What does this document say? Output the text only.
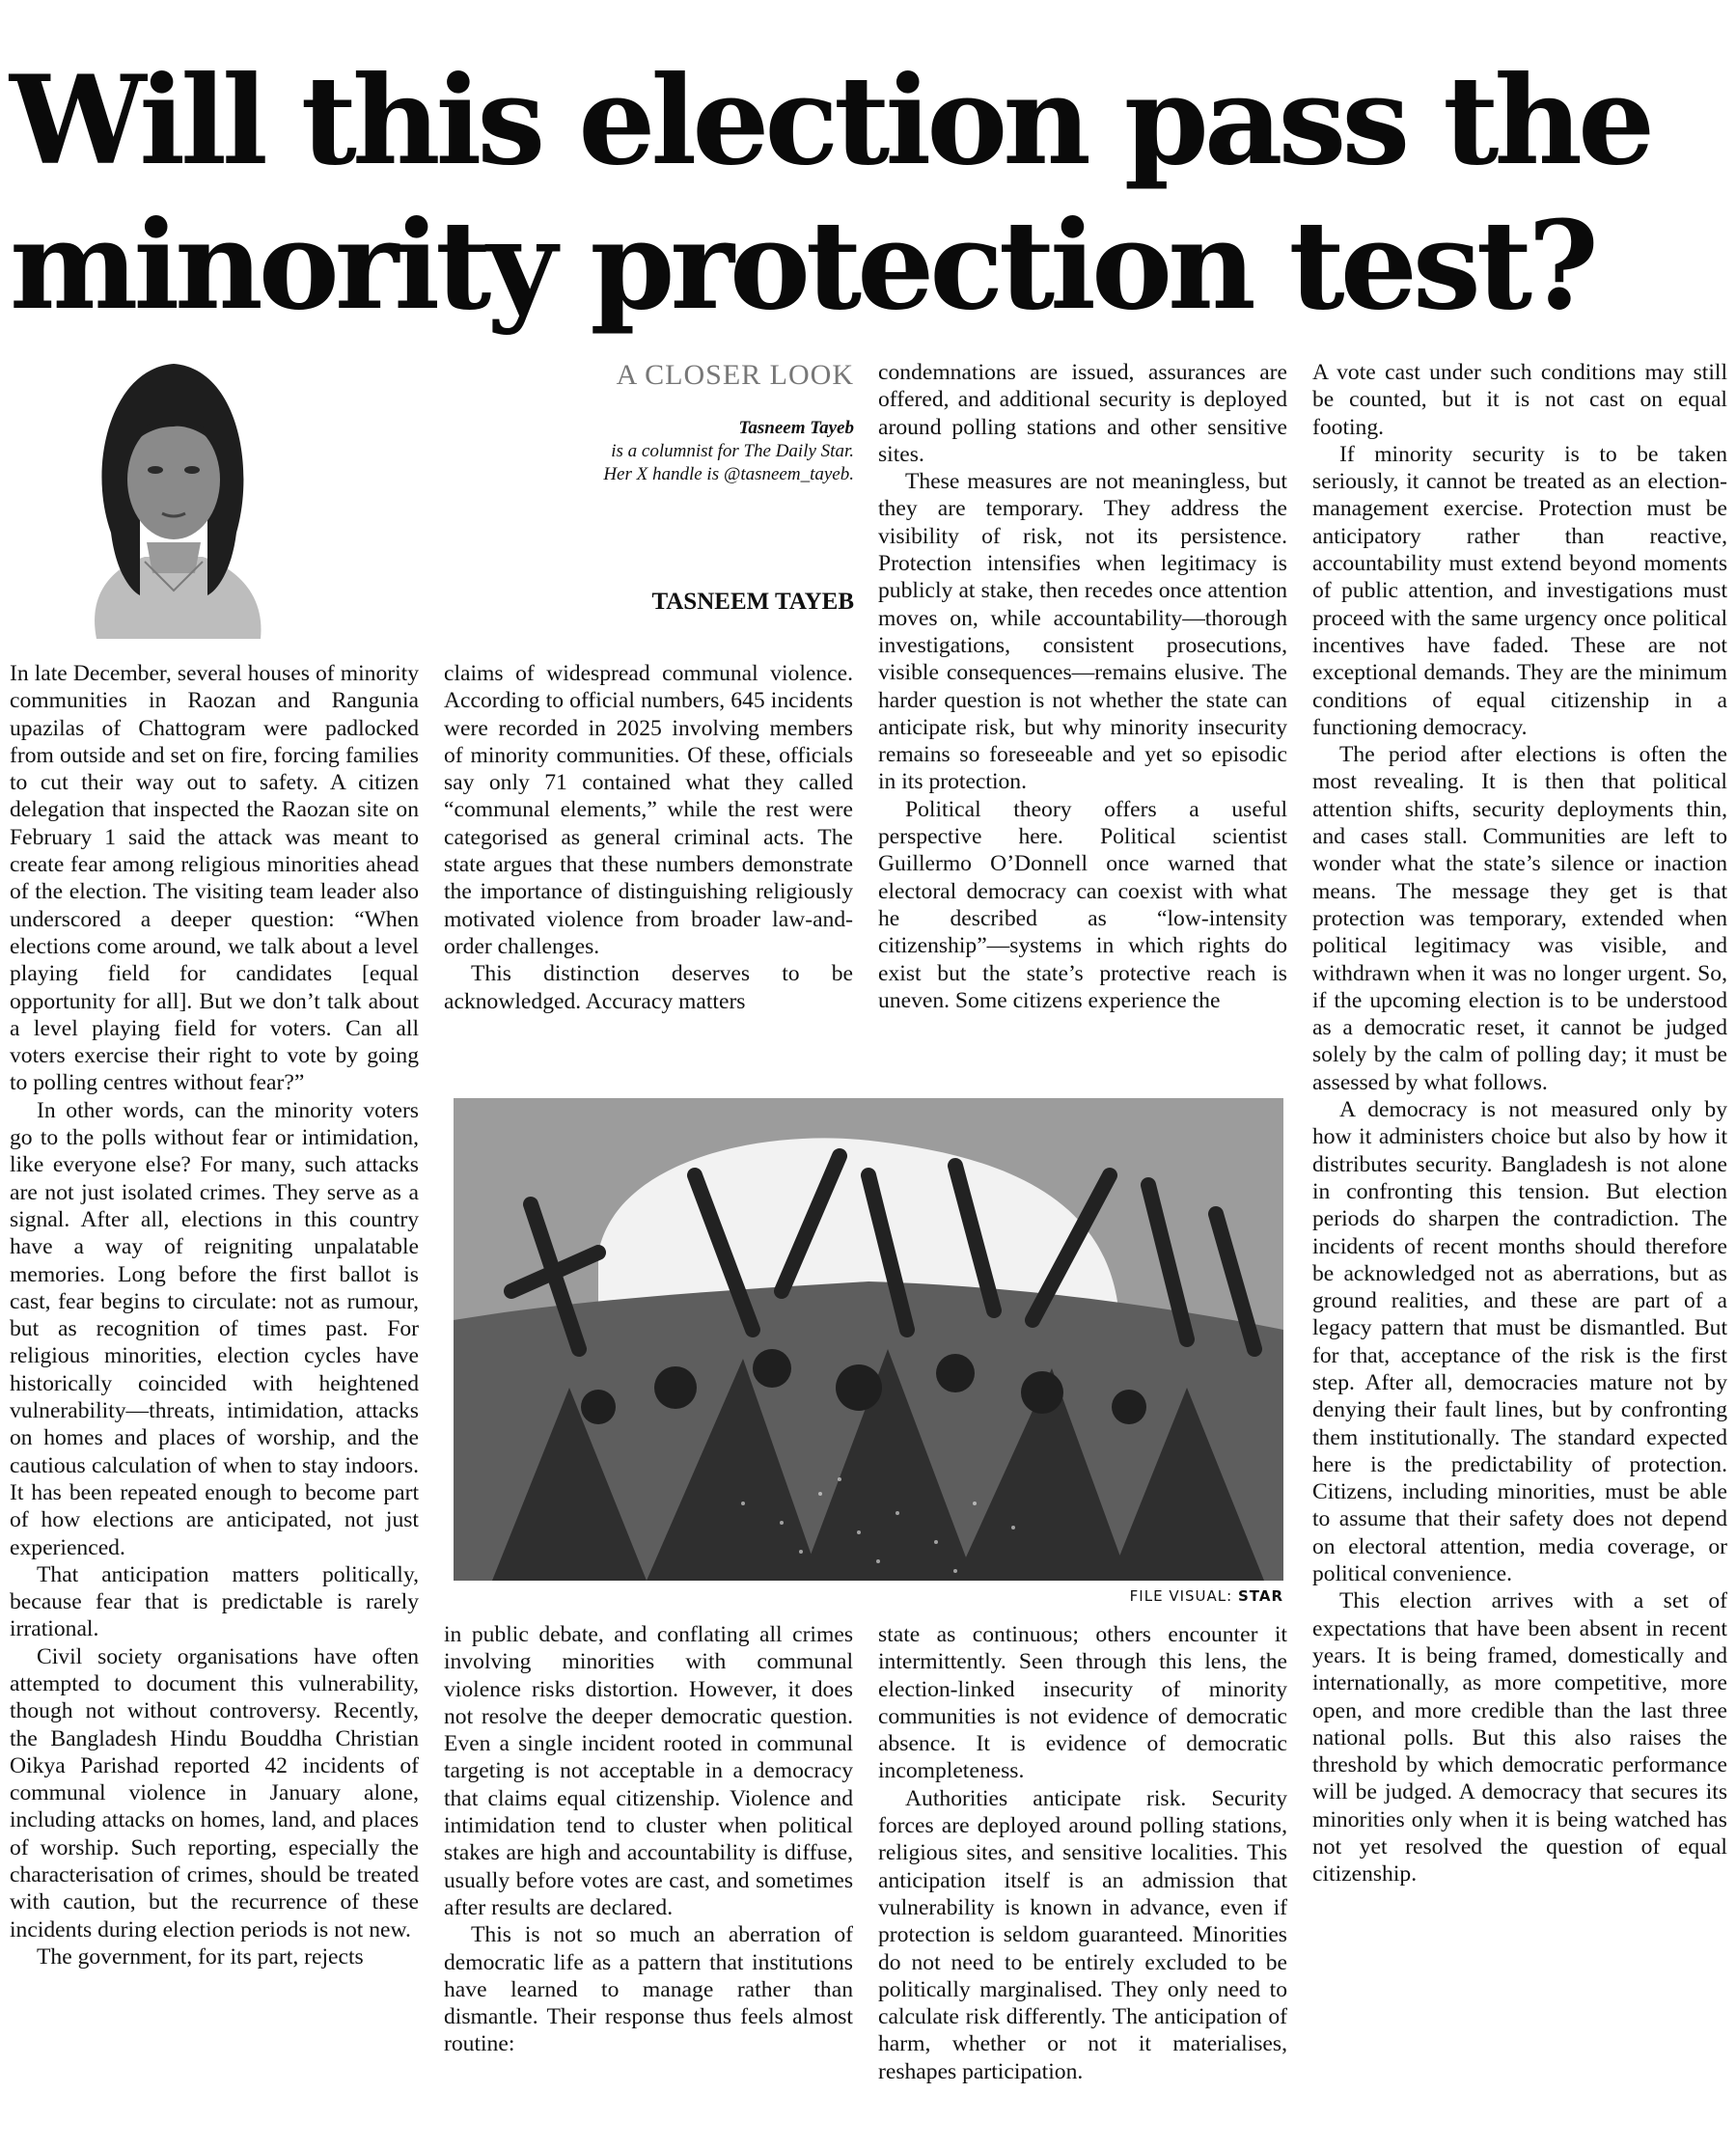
Will this election pass the
minority protection test?
A CLOSER LOOK
Tasneem Tayeb
is a columnist for The Daily Star.
Her X handle is @tasneem_tayeb.
TASNEEM TAYEB

In late December, several houses of minority communities in Raozan and Rangunia upazilas of Chattogram were padlocked from outside and set on fire, forcing families to cut their way out to safety. A citizen delegation that inspected the Raozan site on February 1 said the attack was meant to create fear among religious minorities ahead of the election. The visiting team leader also underscored a deeper question: “When elections come around, we talk about a level playing field for candidates [equal opportunity for all]. But we don’t talk about a level playing field for voters. Can all voters exercise their right to vote by going to polling centres without fear?”

In other words, can the minority voters go to the polls without fear or intimidation, like everyone else? For many, such attacks are not just isolated crimes. They serve as a signal. After all, elections in this country have a way of reigniting unpalatable memories. Long before the first ballot is cast, fear begins to circulate: not as rumour, but as recognition of times past. For religious minorities, election cycles have historically coincided with heightened vulnerability—threats, intimidation, attacks on homes and places of worship, and the cautious calculation of when to stay indoors. It has been repeated enough to become part of how elections are anticipated, not just experienced.

That anticipation matters politically, because fear that is predictable is rarely irrational.

Civil society organisations have often attempted to document this vulnerability, though not without controversy. Recently, the Bangladesh Hindu Bouddha Christian Oikya Parishad reported 42 incidents of communal violence in January alone, including attacks on homes, land, and places of worship. Such reporting, especially the characterisation of crimes, should be treated with caution, but the recurrence of these incidents during election periods is not new.

The government, for its part, rejects

claims of widespread communal violence. According to official numbers, 645 incidents were recorded in 2025 involving members of minority communities. Of these, officials say only 71 contained what they called “communal elements,” while the rest were categorised as general criminal acts. The state argues that these numbers demonstrate the importance of distinguishing religiously motivated violence from broader law-and-order challenges.

This distinction deserves to be acknowledged. Accuracy matters

in public debate, and conflating all crimes involving minorities with communal violence risks distortion. However, it does not resolve the deeper democratic question. Even a single incident rooted in communal targeting is not acceptable in a democracy that claims equal citizenship. Violence and intimidation tend to cluster when political stakes are high and accountability is diffuse, usually before votes are cast, and sometimes after results are declared.

This is not so much an aberration of democratic life as a pattern that institutions have learned to manage rather than dismantle. Their response thus feels almost routine:

condemnations are issued, assurances are offered, and additional security is deployed around polling stations and other sensitive sites.

These measures are not meaningless, but they are temporary. They address the visibility of risk, not its persistence. Protection intensifies when legitimacy is publicly at stake, then recedes once attention moves on, while accountability—thorough investigations, consistent prosecutions, visible consequences—remains elusive. The harder question is not whether the state can anticipate risk, but why minority insecurity remains so foreseeable and yet so episodic in its protection.

Political theory offers a useful perspective here. Political scientist Guillermo O’Donnell once warned that electoral democracy can coexist with what he described as “low-intensity citizenship”—systems in which rights do exist but the state’s protective reach is uneven. Some citizens experience the

state as continuous; others encounter it intermittently. Seen through this lens, the election-linked insecurity of minority communities is not evidence of democratic absence. It is evidence of democratic incompleteness.

Authorities anticipate risk. Security forces are deployed around polling stations, religious sites, and sensitive localities. This anticipation itself is an admission that vulnerability is known in advance, even if protection is seldom guaranteed. Minorities do not need to be entirely excluded to be politically marginalised. They only need to calculate risk differently. The anticipation of harm, whether or not it materialises, reshapes participation.

A vote cast under such conditions may still be counted, but it is not cast on equal footing.

If minority security is to be taken seriously, it cannot be treated as an election-management exercise. Protection must be anticipatory rather than reactive, accountability must extend beyond moments of public attention, and investigations must proceed with the same urgency once political incentives have faded. These are not exceptional demands. They are the minimum conditions of equal citizenship in a functioning democracy.

The period after elections is often the most revealing. It is then that political attention shifts, security deployments thin, and cases stall. Communities are left to wonder what the state’s silence or inaction means. The message they get is that protection was temporary, extended when political legitimacy was visible, and withdrawn when it was no longer urgent. So, if the upcoming election is to be understood as a democratic reset, it cannot be judged solely by the calm of polling day; it must be assessed by what follows.

A democracy is not measured only by how it administers choice but also by how it distributes security. Bangladesh is not alone in confronting this tension. But election periods do sharpen the contradiction. The incidents of recent months should therefore be acknowledged not as aberrations, but as ground realities, and these are part of a legacy pattern that must be dismantled. But for that, acceptance of the risk is the first step. After all, democracies mature not by denying their fault lines, but by confronting them institutionally. The standard expected here is the predictability of protection. Citizens, including minorities, must be able to assume that their safety does not depend on electoral attention, media coverage, or political convenience.

This election arrives with a set of expectations that have been absent in recent years. It is being framed, domestically and internationally, as more competitive, more open, and more credible than the last three national polls. But this also raises the threshold by which democratic performance will be judged. A democracy that secures its minorities only when it is being watched has not yet resolved the question of equal citizenship.

FILE VISUAL: STAR
